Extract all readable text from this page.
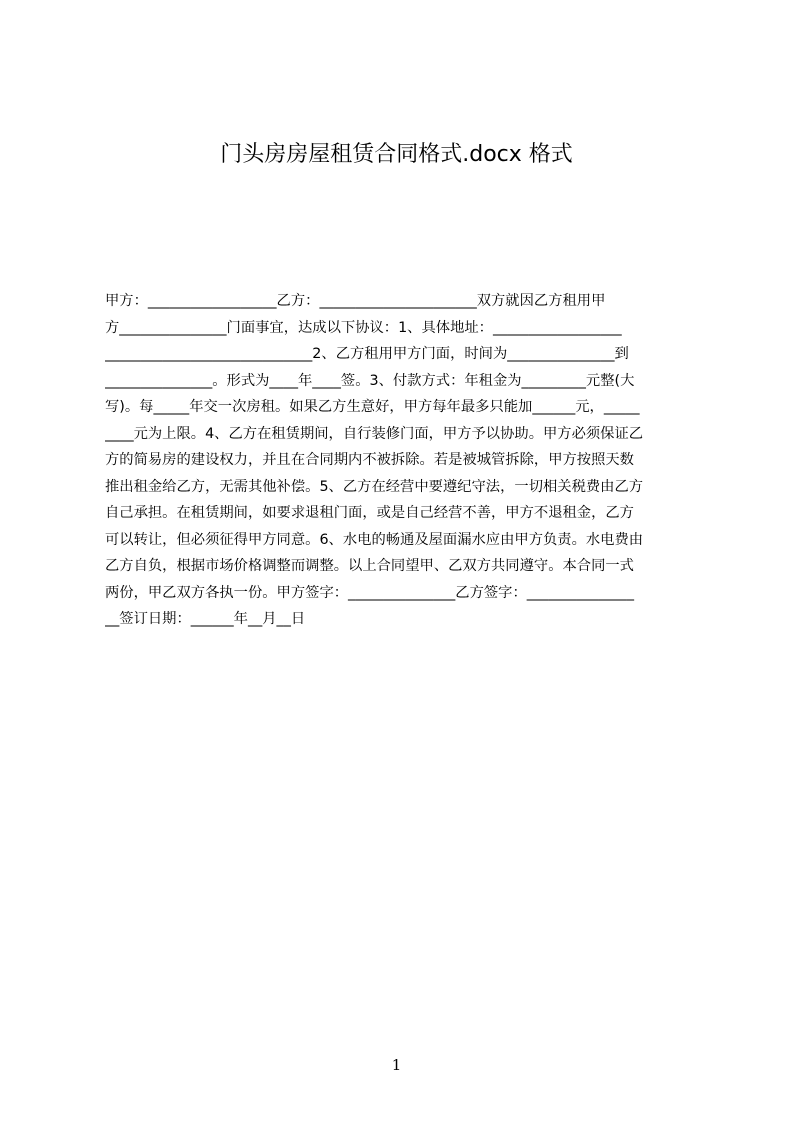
门头房房屋租赁合同格式.docx 格式
甲方：__________________乙方：______________________双方就因乙方租用甲
方_______________门面事宜，达成以下协议：1、具体地址：__________________
_____________________________2、乙方租用甲方门面，时间为_______________到
_______________。形式为____年____签。3、付款方式：年租金为_________元整(大
写)。每_____年交一次房租。如果乙方生意好，甲方每年最多只能加______元，_____
____元为上限。4、乙方在租赁期间，自行装修门面，甲方予以协助。甲方必须保证乙
方的简易房的建设权力，并且在合同期内不被拆除。若是被城管拆除，甲方按照天数
推出租金给乙方，无需其他补偿。5、乙方在经营中要遵纪守法，一切相关税费由乙方
自己承担。在租赁期间，如要求退租门面，或是自己经营不善，甲方不退租金，乙方
可以转让，但必须征得甲方同意。6、水电的畅通及屋面漏水应由甲方负责。水电费由
乙方自负，根据市场价格调整而调整。以上合同望甲、乙双方共同遵守。本合同一式
两份，甲乙双方各执一份。甲方签字：_______________乙方签字：_______________
__签订日期：______年__月__日
1
